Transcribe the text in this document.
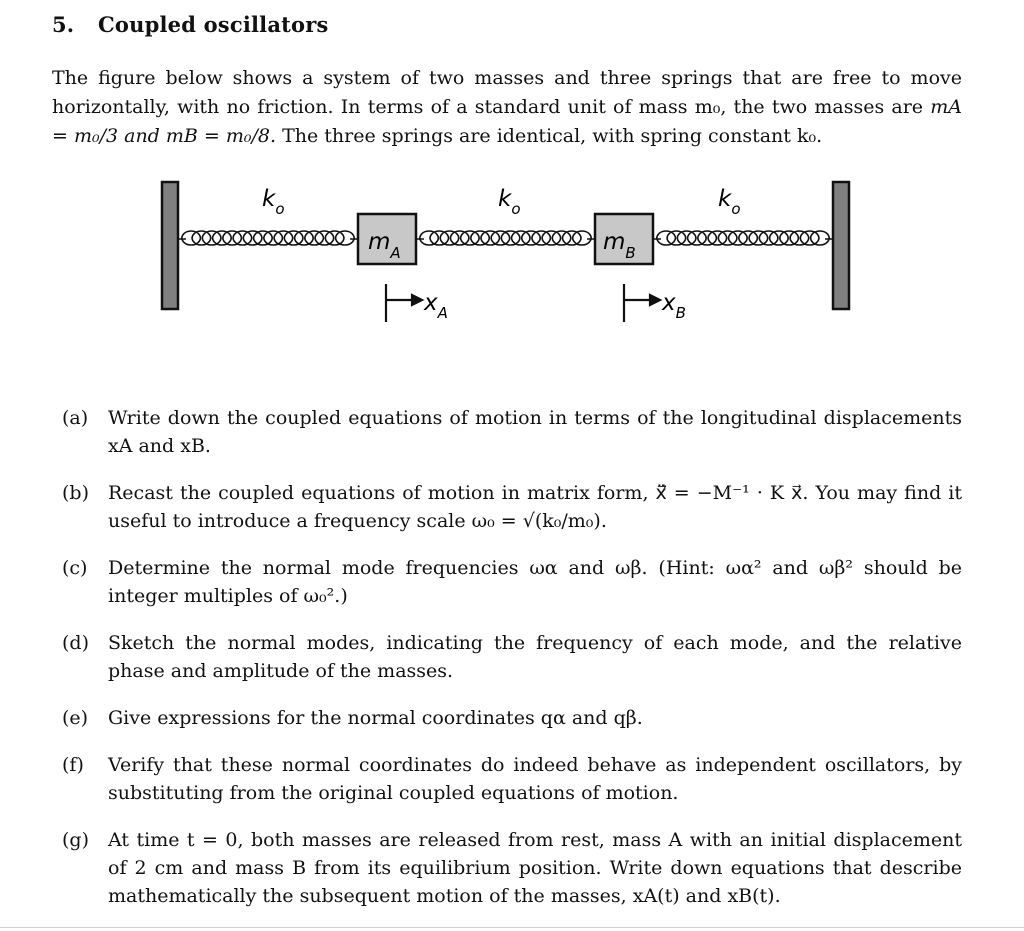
5. Coupled oscillators

The figure below shows a system of two masses and three springs that are free to move horizontally, with no friction. In terms of a standard unit of mass m₀, the two masses are mA = m₀/3 and mB = m₀/8. The three springs are identical, with spring constant k₀.

$m_A$	$m_B$
$k_o$	$k_o$	$k_o$
$x_A$	$x_B$
(a)	Write down the coupled equations of motion in terms of the longitudinal displacements xA and xB.
(b)	Recast the coupled equations of motion in matrix form, ẍ⃗ = −M⁻¹ · K x⃗. You may find it useful to introduce a frequency scale ω₀ = √(k₀/m₀).
(c)	Determine the normal mode frequencies ωα and ωβ. (Hint: ωα² and ωβ² should be integer multiples of ω₀².)
(d)	Sketch the normal modes, indicating the frequency of each mode, and the relative phase and amplitude of the masses.
(e)	Give expressions for the normal coordinates qα and qβ.
(f)	Verify that these normal coordinates do indeed behave as independent oscillators, by substituting from the original coupled equations of motion.
(g)	At time t = 0, both masses are released from rest, mass A with an initial displacement of 2 cm and mass B from its equilibrium position. Write down equations that describe mathematically the subsequent motion of the masses, xA(t) and xB(t).
